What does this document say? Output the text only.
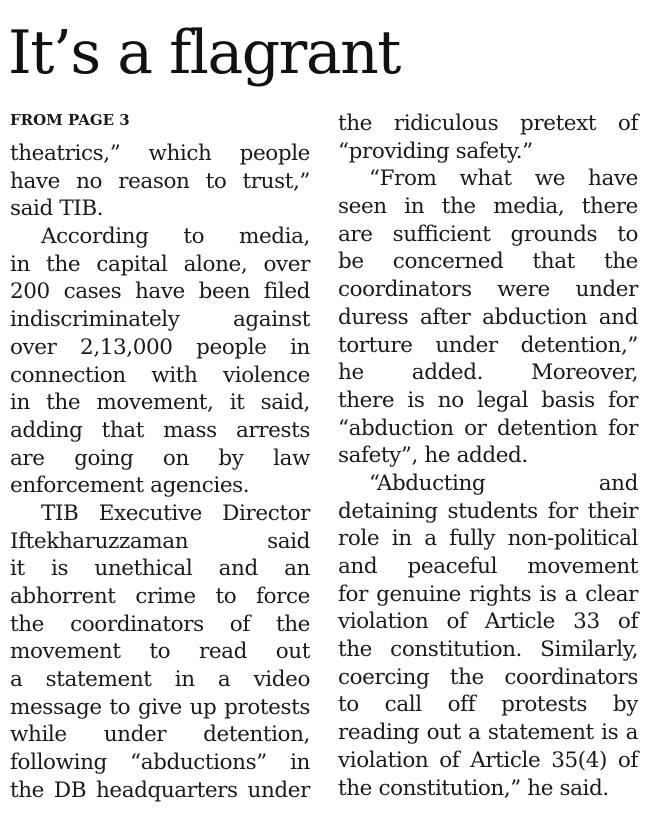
It’s a flagrant
FROM PAGE 3
theatrics,” which people
have no reason to trust,”
said TIB.
According to media,
in the capital alone, over
200 cases have been filed
indiscriminately against
over 2,13,000 people in
connection with violence
in the movement, it said,
adding that mass arrests
are going on by law
enforcement agencies.
TIB Executive Director
Iftekharuzzaman said
it is unethical and an
abhorrent crime to force
the coordinators of the
movement to read out
a statement in a video
message to give up protests
while under detention,
following “abductions” in
the DB headquarters under
the ridiculous pretext of
“providing safety.”
“From what we have
seen in the media, there
are sufficient grounds to
be concerned that the
coordinators were under
duress after abduction and
torture under detention,”
he added. Moreover,
there is no legal basis for
“abduction or detention for
safety”, he added.
“Abducting and
detaining students for their
role in a fully non-political
and peaceful movement
for genuine rights is a clear
violation of Article 33 of
the constitution. Similarly,
coercing the coordinators
to call off protests by
reading out a statement is a
violation of Article 35(4) of
the constitution,” he said.
